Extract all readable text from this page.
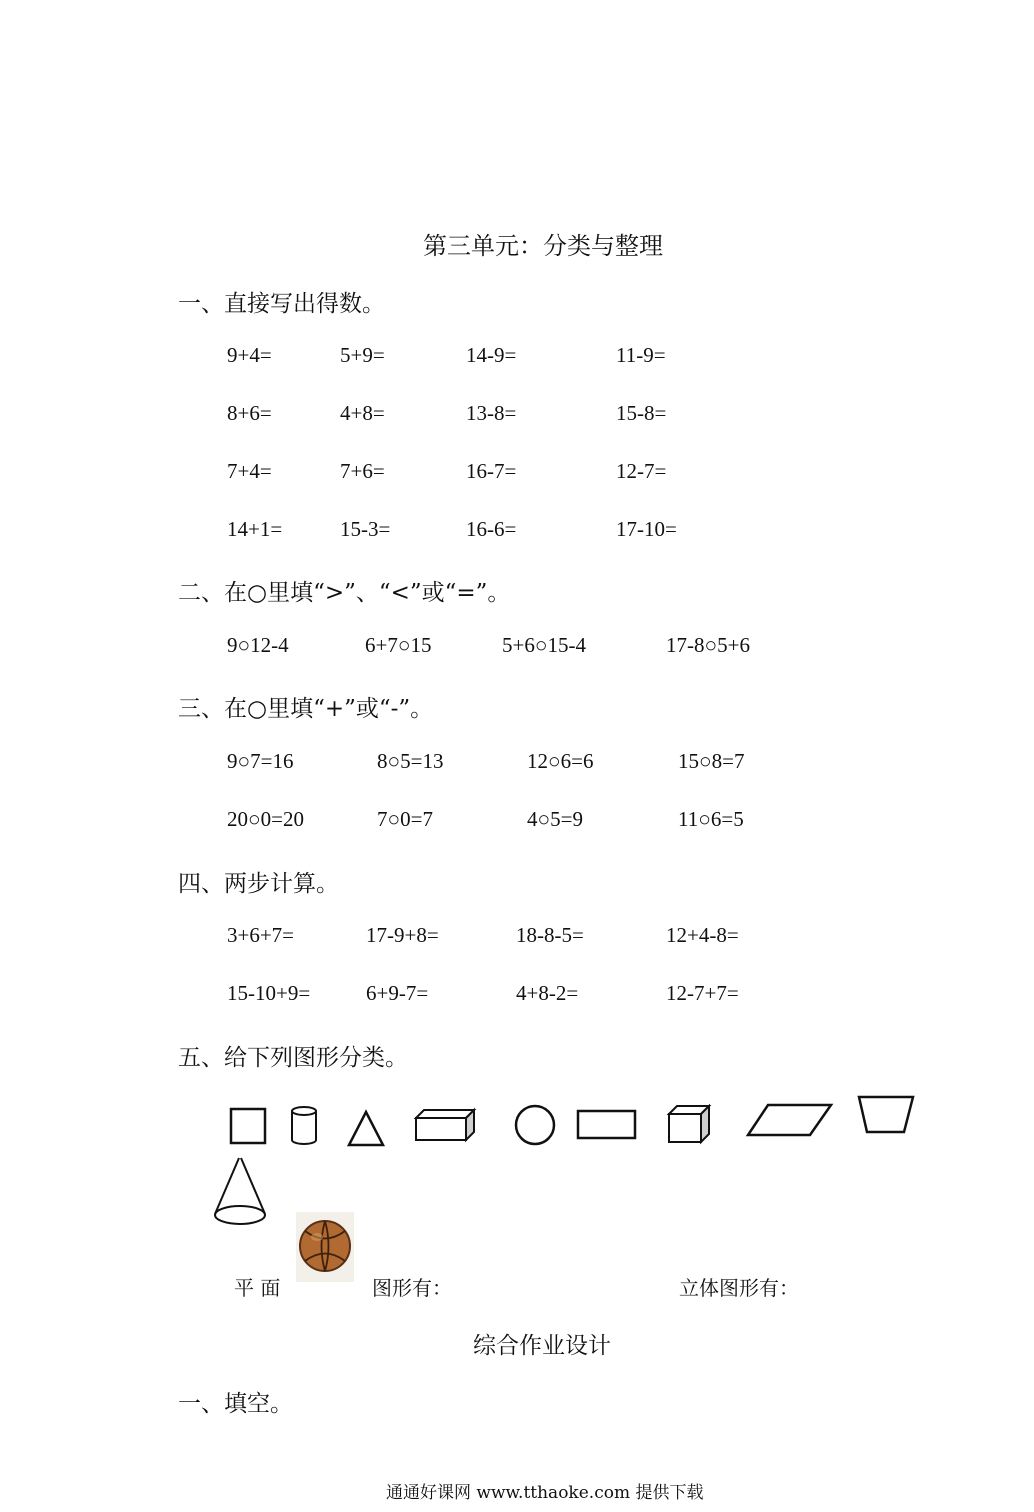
第三单元：分类与整理
一、直接写出得数。
9+4=	5+9=	14-9=	11-9=
8+6=	4+8=	13-8=	15-8=
7+4=	7+6=	16-7=	12-7=
14+1=	15-3=	16-6=	17-10=
二、在○里填“>”、“<”或“=”。
9○12-4	6+7○15	5+6○15-4	17-8○5+6
三、在○里填“+”或“-”。
9○7=16	8○5=13	12○6=6	15○8=7
20○0=20	7○0=7	4○5=9	11○6=5
四、两步计算。
3+6+7=	17-9+8=	18-8-5=	12+4-8=
15-10+9=	6+9-7=	4+8-2=	12-7+7=
五、给下列图形分类。
平 面	图形有：	立体图形有：
综合作业设计
一、填空。
通通好课网 www.tthaoke.com 提供下载
